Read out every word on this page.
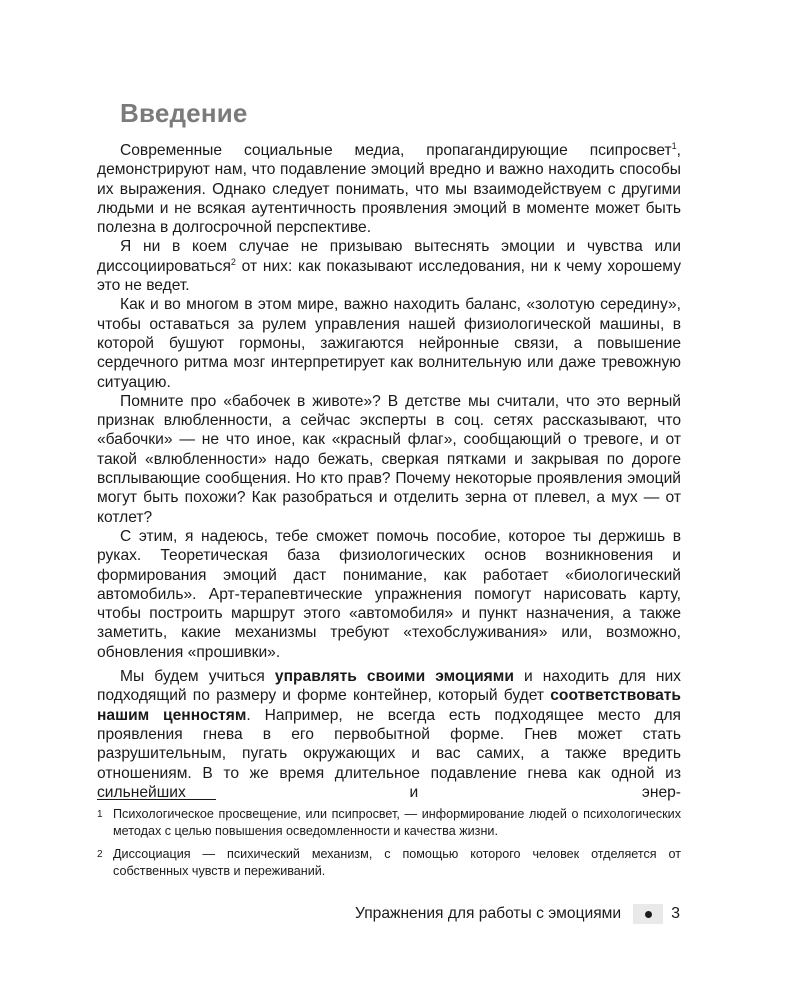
Введение

Современные социальные медиа, пропагандирующие псипросвет$^1$, демонстрируют нам, что подавление эмоций вредно и важно находить способы их выражения. Однако следует понимать, что мы взаимодействуем с другими людьми и не всякая аутентичность проявления эмоций в моменте может быть полезна в долгосрочной перспективе.

Я ни в коем случае не призываю вытеснять эмоции и чувства или диссоциироваться$^2$ от них: как показывают исследования, ни к чему хорошему это не ведет.

Как и во многом в этом мире, важно находить баланс, «золотую середину», чтобы оставаться за рулем управления нашей физиологической машины, в которой бушуют гормоны, зажигаются нейронные связи, а повышение сердечного ритма мозг интерпретирует как волнительную или даже тревожную ситуацию.

Помните про «бабочек в животе»? В детстве мы считали, что это верный признак влюбленности, а сейчас эксперты в соц. сетях рассказывают, что «бабочки» — не что иное, как «красный флаг», сообщающий о тревоге, и от такой «влюбленности» надо бежать, сверкая пятками и закрывая по дороге всплывающие сообщения. Но кто прав? Почему некоторые проявления эмоций могут быть похожи? Как разобраться и отделить зерна от плевел, а мух — от котлет?

С этим, я надеюсь, тебе сможет помочь пособие, которое ты держишь в руках. Теоретическая база физиологических основ возникновения и формирования эмоций даст понимание, как работает «биологический автомобиль». Арт-терапевтические упражнения помогут нарисовать карту, чтобы построить маршрут этого «автомобиля» и пункт назначения, а также заметить, какие механизмы требуют «техобслуживания» или, возможно, обновления «прошивки».

Мы будем учиться управлять своими эмоциями и находить для них подходящий по размеру и форме контейнер, который будет соответствовать нашим ценностям. Например, не всегда есть подходящее место для проявления гнева в его первобытной форме. Гнев может стать разрушительным, пугать окружающих и вас самих, а также вредить отношениям. В то же время длительное подавление гнева как одной из сильнейших и энер-

1 Психологическое просвещение, или псипросвет, — информирование людей о психологических методах с целью повышения осведомленности и качества жизни.
2 Диссоциация — психический механизм, с помощью которого человек отделяется от собственных чувств и переживаний.
Упражнения для работы с эмоциями	3
